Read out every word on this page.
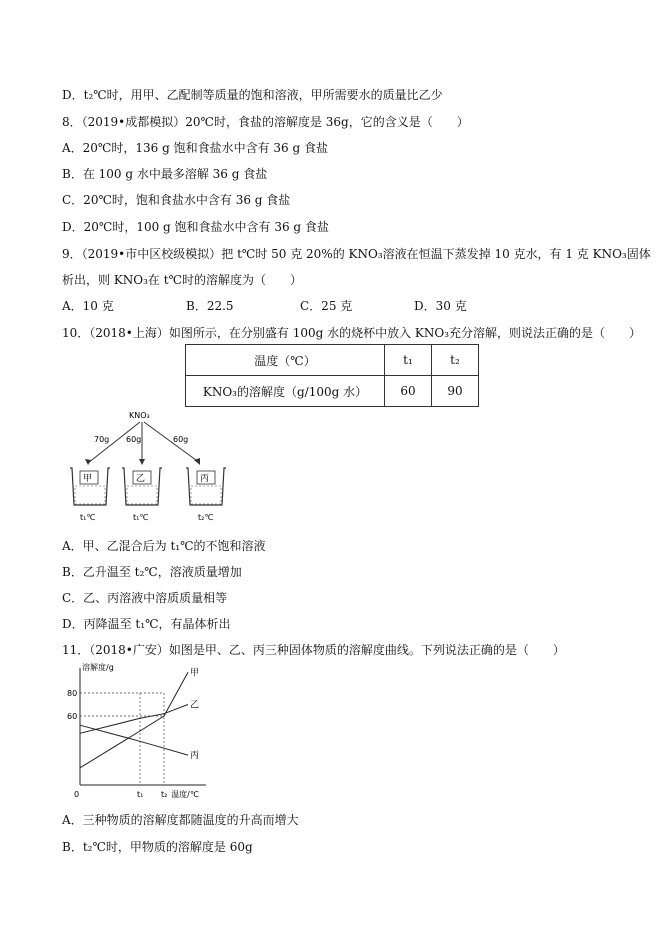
D．t₂℃时，用甲、乙配制等质量的饱和溶液，甲所需要水的质量比乙少
8．（2019•成都模拟）20℃时，食盐的溶解度是 36g，它的含义是（　　）
A．20℃时，136 g 饱和食盐水中含有 36 g 食盐
B．在 100 g 水中最多溶解 36 g 食盐
C．20℃时，饱和食盐水中含有 36 g 食盐
D．20℃时，100 g 饱和食盐水中含有 36 g 食盐
9．（2019•市中区校级模拟）把 t℃时 50 克 20%的 KNO₃溶液在恒温下蒸发掉 10 克水，有 1 克 KNO₃固体
析出，则 KNO₃在 t℃时的溶解度为（　　）
A．10 克	B．22.5	C．25 克	D．30 克
10．（2018•上海）如图所示，在分别盛有 100g 水的烧杯中放入 KNO₃充分溶解，则说法正确的是（　　）
温度（℃）	t₁	t₂
KNO₃的溶解度（g/100g 水）	60	90
KNO₃
70g 60g	60g
甲
t₁℃
乙
t₁℃
丙
t₂℃
A．甲、乙混合后为 t₁℃的不饱和溶液
B．乙升温至 t₂℃，溶液质量增加
C．乙、丙溶液中溶质质量相等
D．丙降温至 t₁℃，有晶体析出
11．（2018•广安）如图是甲、乙、丙三种固体物质的溶解度曲线。下列说法正确的是（　　）
溶解度/g
温度/℃
0	t₁ t₂
60
80
甲
乙
丙
A．三种物质的溶解度都随温度的升高而增大
B．t₂℃时，甲物质的溶解度是 60g
